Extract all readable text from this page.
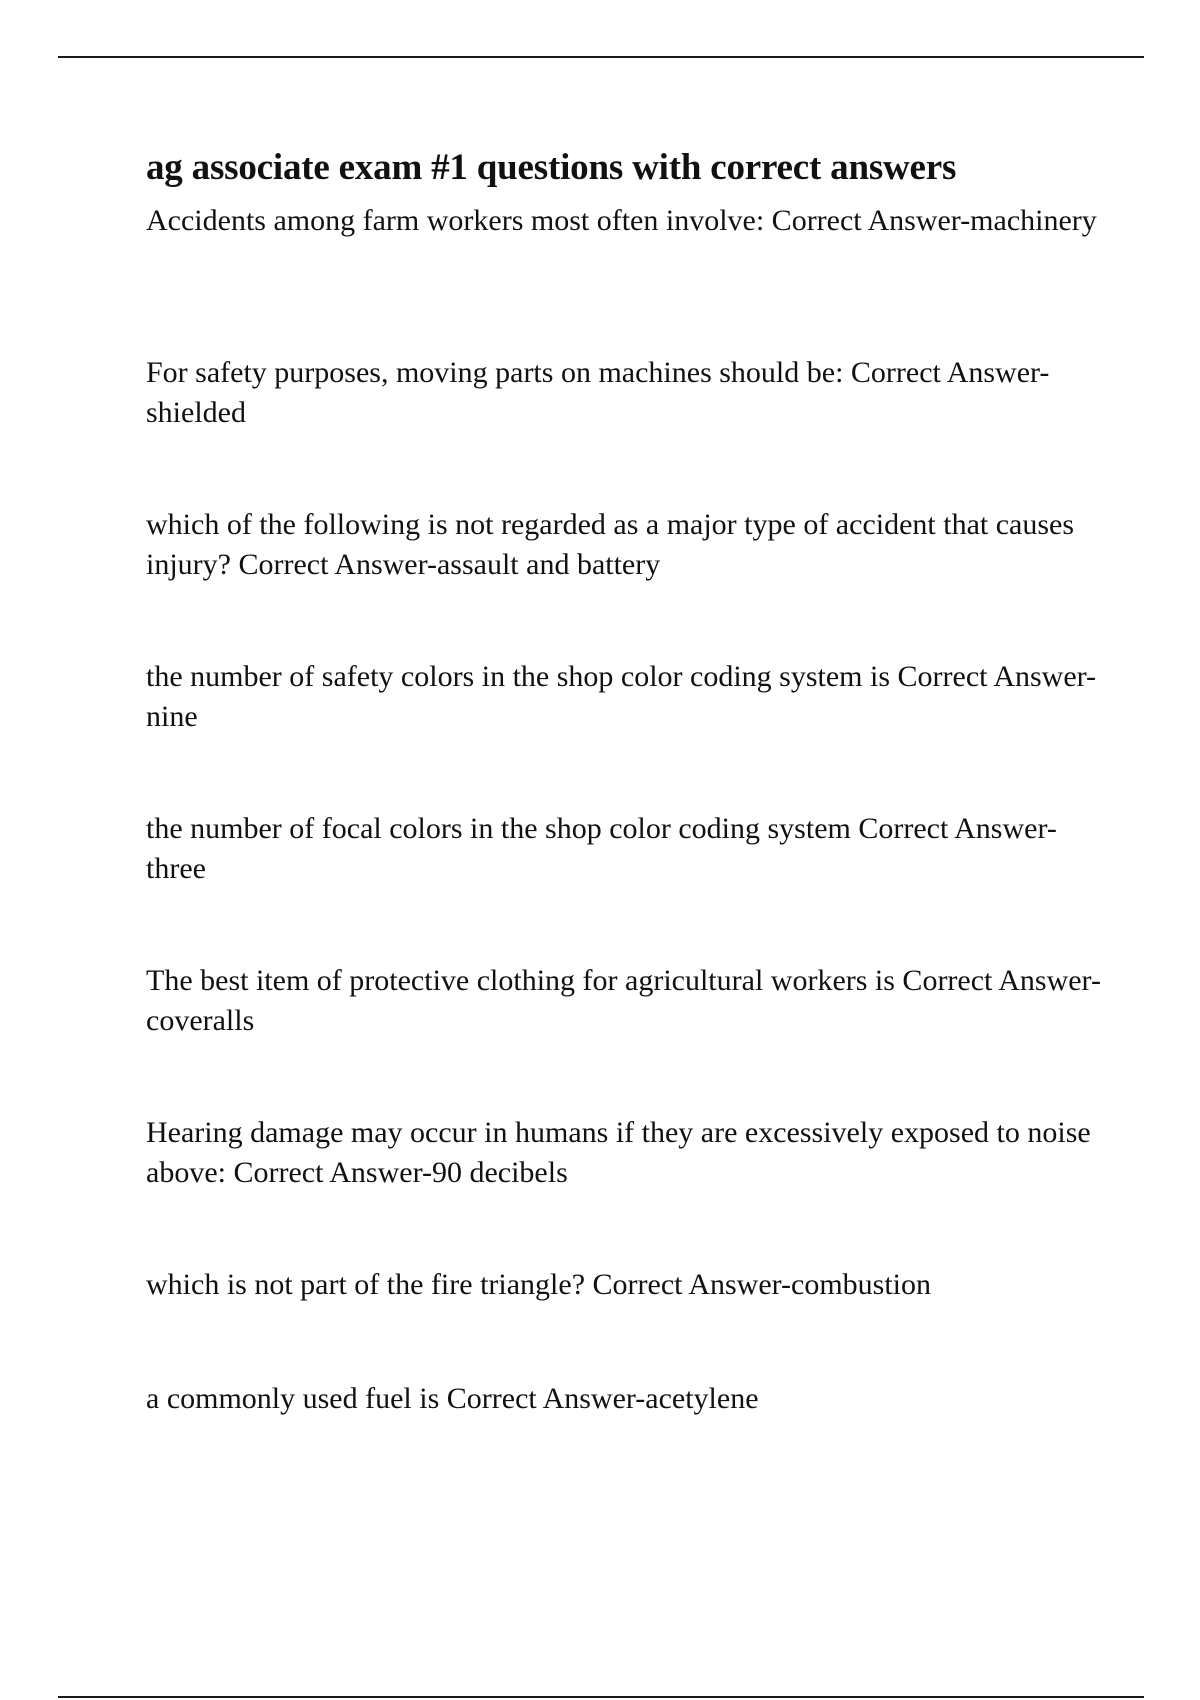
ag associate exam #1 questions with correct answers

Accidents among farm workers most often involve: Correct Answer-machinery

For safety purposes, moving parts on machines should be: Correct Answer-shielded

which of the following is not regarded as a major type of accident that causes injury? Correct Answer-assault and battery

the number of safety colors in the shop color coding system is Correct Answer-nine

the number of focal colors in the shop color coding system Correct Answer-three

The best item of protective clothing for agricultural workers is Correct Answer-coveralls

Hearing damage may occur in humans if they are excessively exposed to noise above: Correct Answer-90 decibels

which is not part of the fire triangle? Correct Answer-combustion

a commonly used fuel is Correct Answer-acetylene
